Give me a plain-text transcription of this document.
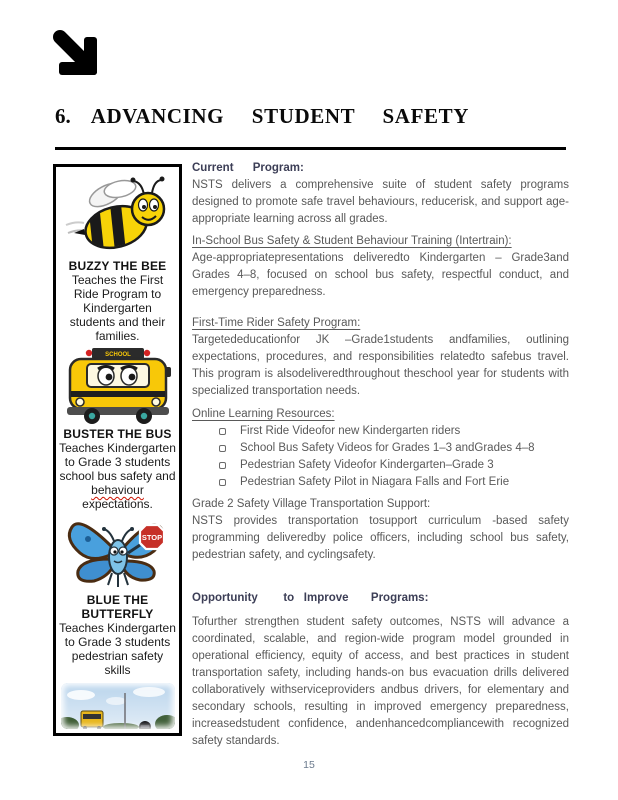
6. ADVANCING  STUDENT  SAFETY
BUZZY THE BEE
Teaches the First Ride Program to Kindergarten students and their families.
SCHOOL
BUSTER THE BUS
Teaches Kindergarten to Grade 3 students school bus safety and behaviour expectations.
STOP
BLUE THE BUTTERFLY
Teaches Kindergarten to Grade 3 students pedestrian safety skills
Current      Program:

NSTS delivers a comprehensive suite of student safety programs designed to promote safe travel behaviours, reducerisk, and support age-appropriate learning across all grades.

In-School Bus Safety & Student Behaviour Training (Intertrain):

Age-appropriatepresentations deliveredto Kindergarten – Grade3and Grades 4–8, focused on school bus safety, respectful conduct, and emergency preparedness.

First-Time Rider Safety Program:

Targetededucationfor JK –Grade1students andfamilies, outlining expectations, procedures, and responsibilities relatedto safebus travel. This program is alsodeliveredthroughout theschool year for students with specialized transportation needs.

Online Learning Resources:
First Ride Videofor new Kindergarten riders
School Bus Safety Videos for Grades 1–3 andGrades 4–8
Pedestrian Safety Videofor Kindergarten–Grade 3
Pedestrian Safety Pilot in Niagara Falls and Fort Erie
Grade 2 Safety Village Transportation Support:

NSTS provides transportation tosupport curriculum -based safety programming deliveredby police officers, including school bus safety, pedestrian safety, and cyclingsafety.

Opportunity        to   Improve       Programs:

Tofurther strengthen student safety outcomes, NSTS will advance a coordinated, scalable, and region-wide program model grounded in operational efficiency, equity of access, and best practices in student transportation safety, including hands-on bus evacuation drills delivered collaboratively withserviceproviders andbus drivers, for elementary and secondary schools, resulting in improved emergency preparedness, increasedstudent confidence, andenhancedcompliancewith recognized safety standards.

15
